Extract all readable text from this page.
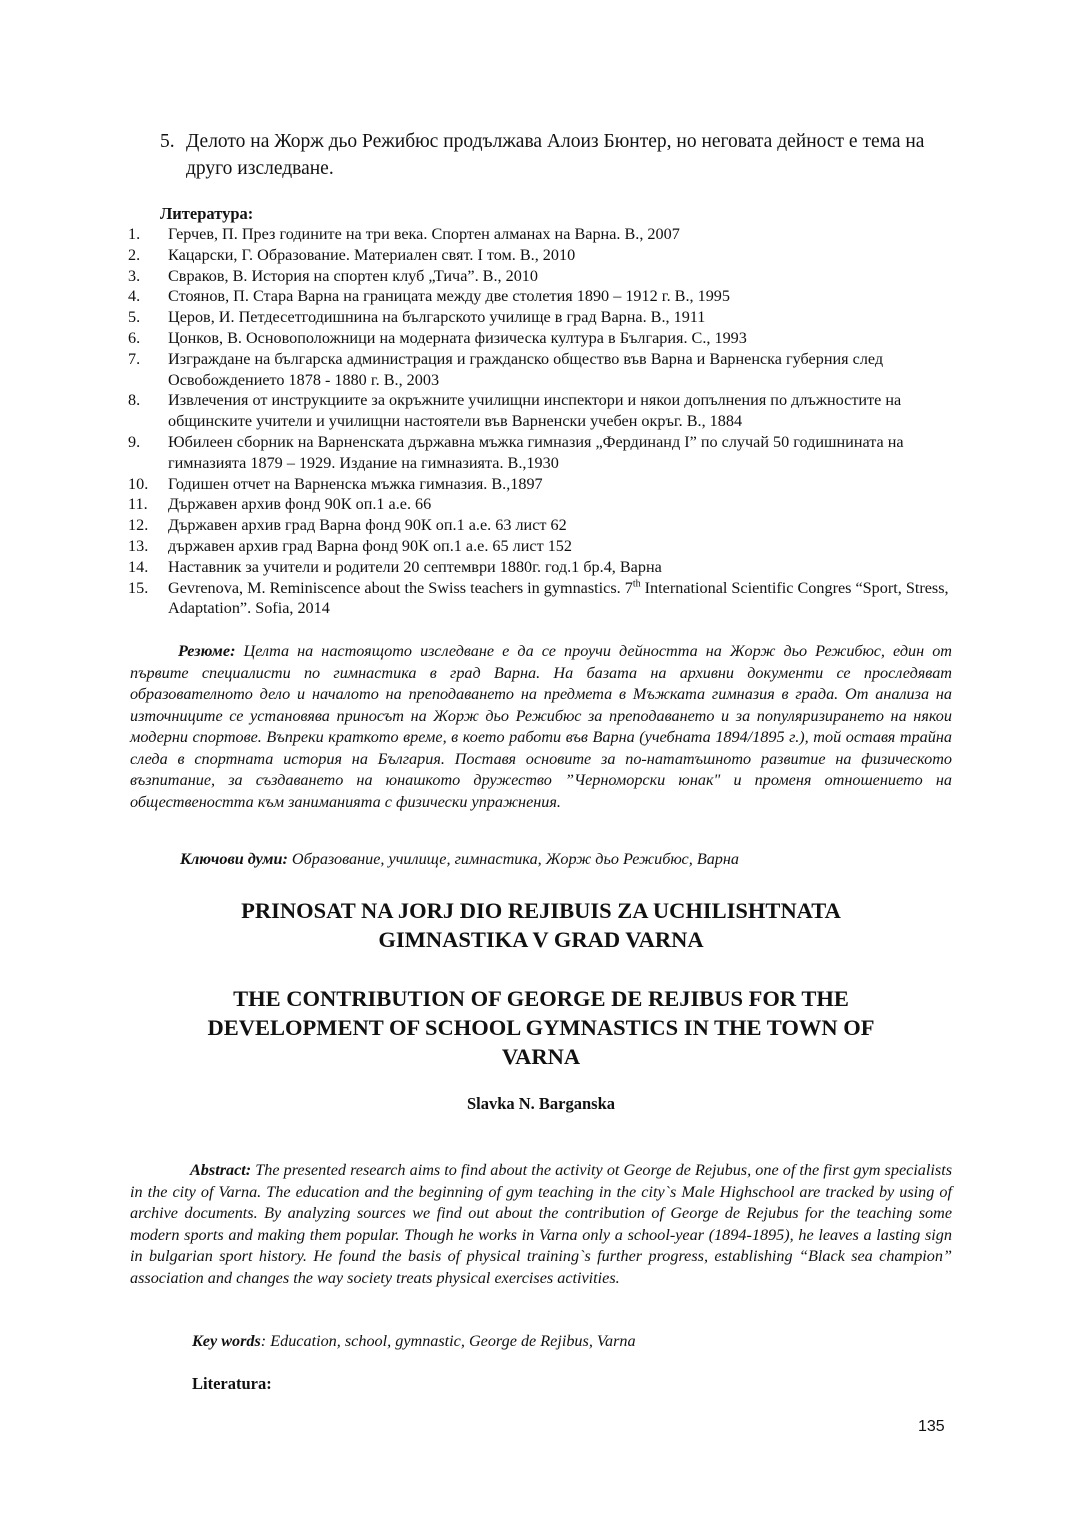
5. Делото на Жорж дьо Режибюс продължава Алоиз Бюнтер, но неговата дейност е тема на друго изследване.
Литература:
1. Герчев, П. През годините на три века. Спортен алманах на Варна. В., 2007
2. Кацарски, Г. Образование. Материален свят. I том. В., 2010
3. Свраков, В. История на спортен клуб „Тича”. В., 2010
4. Стоянов, П. Стара Варна на границата между две столетия 1890 – 1912 г. В., 1995
5. Церов, И. Петдесетгодишнина на българското училище в град Варна. В., 1911
6. Цонков, В. Основоположници на модерната физическа култура в България. С., 1993
7. Изграждане на българска администрация и гражданско общество във Варна и Варненска губерния след Освобождението 1878 - 1880 г. В., 2003
8. Извлечения от инструкциите за окръжните училищни инспектори и някои допълнения по длъжностите на общинските учители и училищни настоятели във Варненски учебен окръг. В., 1884
9. Юбилеен сборник на Варненската държавна мъжка гимназия „Фердинанд I” по случай 50 годишнината на гимназията 1879 – 1929. Издание на гимназията. В.,1930
10. Годишен отчет на Варненска мъжка гимназия. В.,1897
11. Държавен архив фонд 90К оп.1 а.е. 66
12. Държавен архив град Варна фонд 90К оп.1 а.е. 63 лист 62
13. държавен архив град Варна фонд 90К оп.1 а.е. 65 лист 152
14. Наставник за учители и родители 20 септември 1880г. год.1 бр.4, Варна
15. Gevrenova, M. Reminiscence about the Swiss teachers in gymnastics. 7th International Scientific Congres “Sport, Stress, Adaptation”. Sofia, 2014
Резюме: Целта на настоящото изследване е да се проучи дейността на Жорж дьо Режибюс, един от първите специалисти по гимнастика в град Варна. На базата на архивни документи се проследяват образователното дело и началото на преподаването на предмета в Мъжката гимназия в града. От анализа на източниците се установява приносът на Жорж дьо Режибюс за преподаването и за популяризирането на някои модерни спортове. Въпреки краткото време, в което работи във Варна (учебната 1894/1895 г.), той оставя трайна следа в спортната история на България. Поставя основите за по-нататъшното развитие на физическото възпитание, за създаването на юнашкото дружество ”Черноморски юнак" и променя отношението на обществеността към заниманията с физически упражнения.
Ключови думи: Образование, училище, гимнастика, Жорж дьо Режибюс, Варна
PRINOSAT NA JORJ DIO REJIBUIS ZA UCHILISHTNATA
GIMNASTIKA V GRAD VARNA
THE CONTRIBUTION OF GEORGE DE REJIBUS FOR THE
DEVELOPMENT OF SCHOOL GYMNASTICS IN THE TOWN OF
VARNA
Slavka N. Barganska
Abstract: The presented research aims to find about the activity ot George de Rejubus, one of the first gym specialists in the city of Varna. The education and the beginning of gym teaching in the city`s Male Highschool are tracked by using of archive documents. By analyzing sources we find out about the contribution of George de Rejubus for the teaching some modern sports and making them popular. Though he works in Varna only a school-year (1894-1895), he leaves a lasting sign in bulgarian sport history. He found the basis of physical training`s further progress, establishing “Black sea champion” association and changes the way society treats physical exercises activities.
Key words: Education, school, gymnastic, George de Rejibus, Varna
Literatura:
135
